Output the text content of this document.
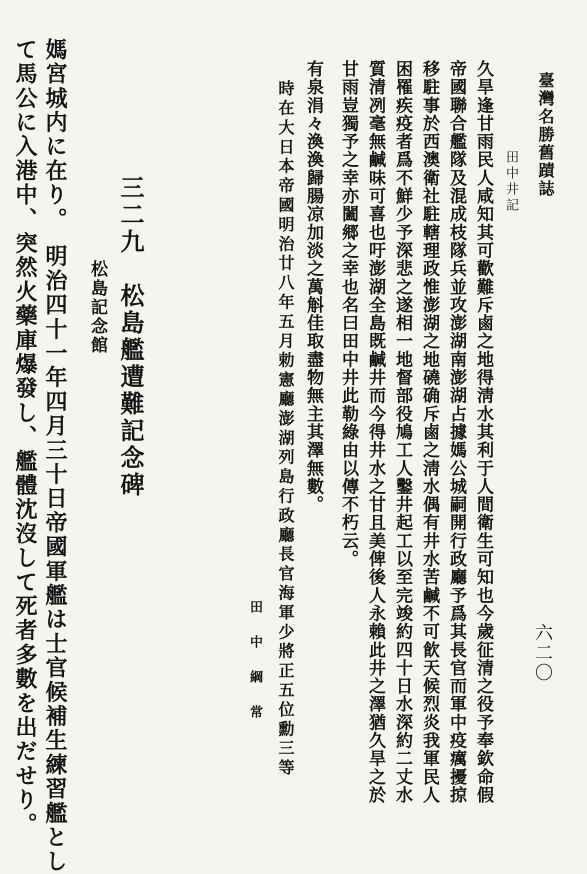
臺灣名勝舊蹟誌

六二〇

田中井記

久旱逢甘雨民人咸知其可歡難斥鹵之地得淸水其利于人間衛生可知也今歲征清之役予奉欽命假

帝國聯合艦隊及混成枝隊兵並攻澎湖南澎湖占據媽公城嗣開行政廳予爲其長官而軍中疫癘擾掠

移駐事於西澳衛社駐轄理政惟澎湖之地磽确斥鹵之淸水偶有井水苦鹹不可飮天候烈炎我軍民人

困罹疾疫者爲不鮮少予深悲之遂相一地督部役鳩工人鑿井起工以至完竣約四十日水深約二丈水

質清冽毫無鹹味可喜也吁澎湖全島既鹹井而今得井水之甘且美俾後人永賴此井之澤猶久旱之於

甘雨豈獨予之幸亦闔郷之幸也名曰田中井此勒綠由以傳不朽云。

有泉涓々渙渙歸腸凉加淡之萬斛佳取盡物無主其澤無數。

時在大日本帝國明治廿八年五月勅憲廳澎湖列島行政廳長官海軍少將正五位勳三等

田中綱常

三二九　松島艦遭難記念碑

松島記念館

媽宮城内に在り。　明治四十一年四月三十日帝國軍艦は士官候補生練習艦とし

て馬公に入港中、突然火藥庫爆發し、艦體沈沒して死者多數を出だせり。
